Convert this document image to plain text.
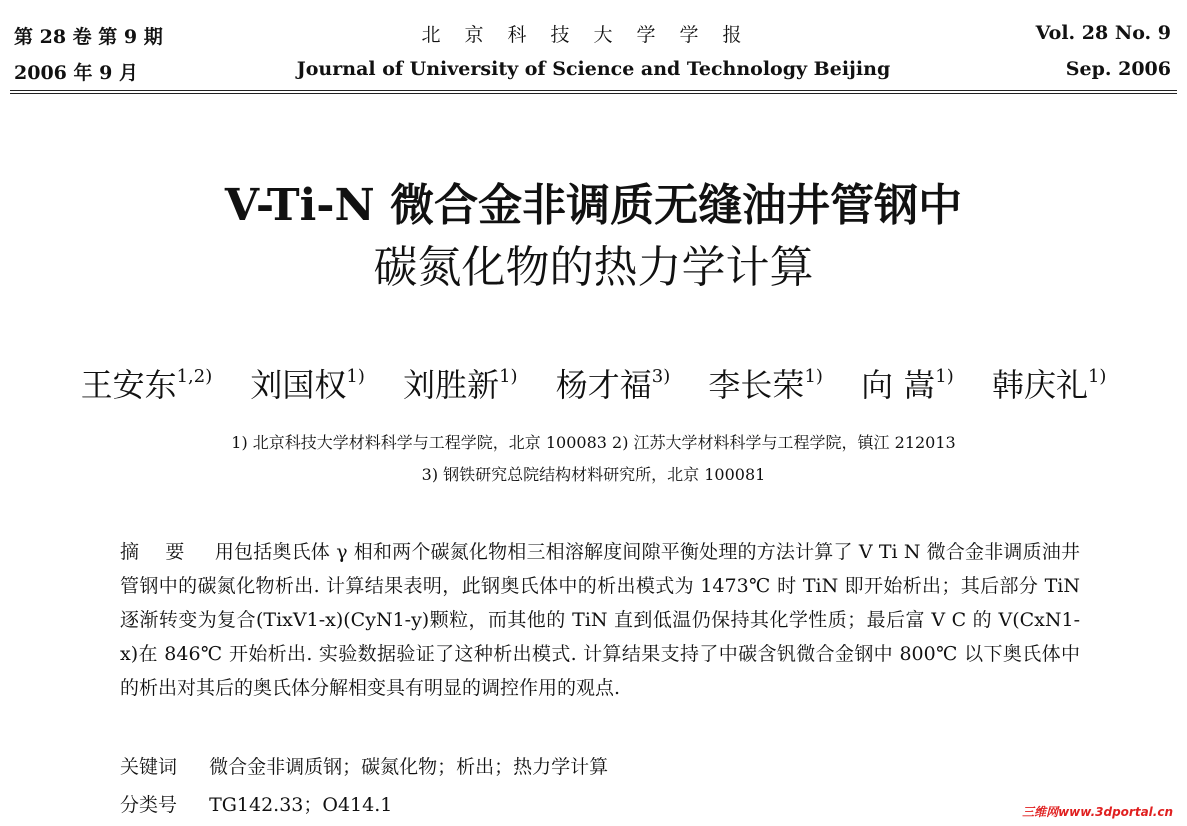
第 28 卷 第 9 期
2006 年 9 月
北京科技大学学报
Journal of University of Science and Technology Beijing
Vol. 28 No. 9
Sep. 2006
V-Ti-N 微合金非调质无缝油井管钢中
碳氮化物的热力学计算
王安东$^{1,2)}$ 刘国权$^{1)}$ 刘胜新$^{1)}$ 杨才福$^{3)}$ 李长荣$^{1)}$ 向 嵩$^{1)}$ 韩庆礼$^{1)}$
1) 北京科技大学材料科学与工程学院，北京 100083 2) 江苏大学材料科学与工程学院，镇江 212013
3) 钢铁研究总院结构材料研究所，北京 100081
摘 要 用包括奥氏体 γ 相和两个碳氮化物相三相溶解度间隙平衡处理的方法计算了 V Ti N 微合金非调质油井管钢中的碳氮化物析出. 计算结果表明，此钢奥氏体中的析出模式为 1473℃ 时 TiN 即开始析出；其后部分 TiN 逐渐转变为复合(TixV1-x)(CyN1-y)颗粒，而其他的 TiN 直到低温仍保持其化学性质；最后富 V C 的 V(CxN1-x)在 846℃ 开始析出. 实验数据验证了这种析出模式. 计算结果支持了中碳含钒微合金钢中 800℃ 以下奥氏体中的析出对其后的奥氏体分解相变具有明显的调控作用的观点.
关键词 微合金非调质钢；碳氮化物；析出；热力学计算
分类号 TG142.33；O414.1	三维网www.3dportal.cn
